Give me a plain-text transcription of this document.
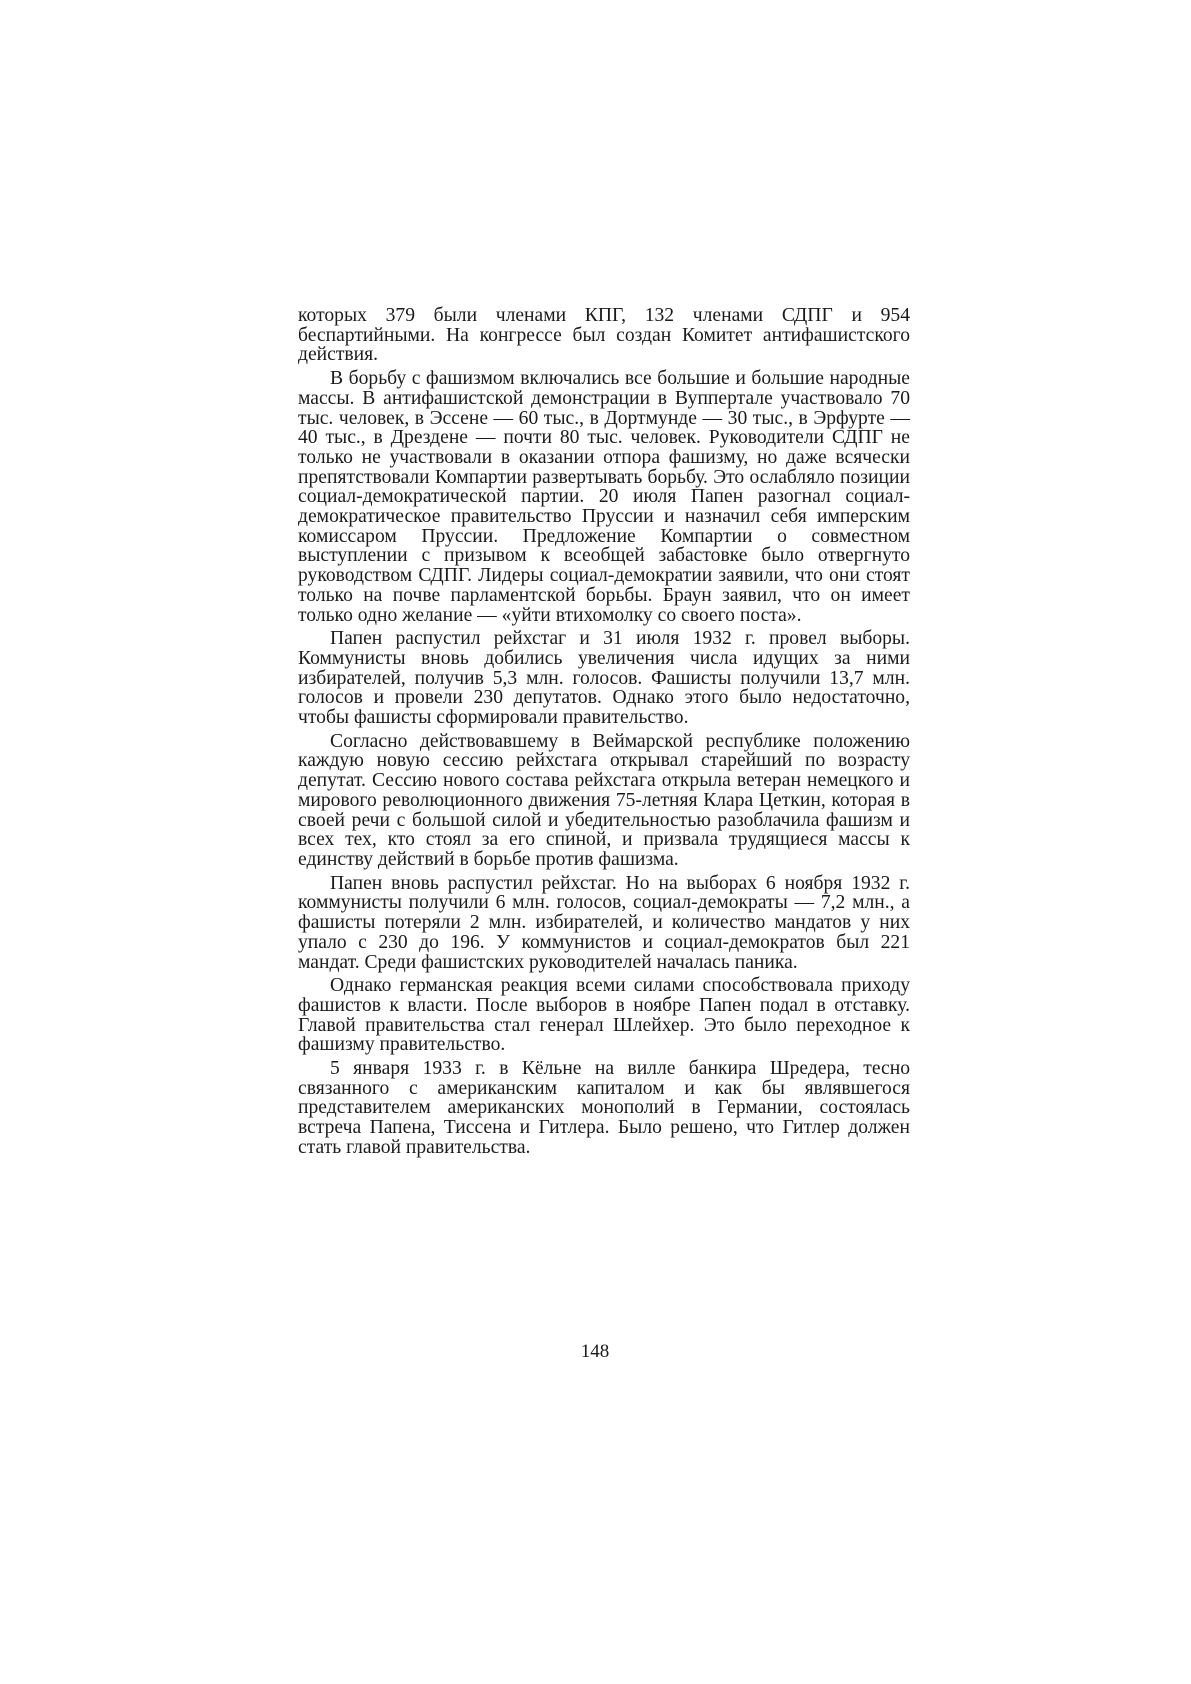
которых 379 были членами КПГ, 132 членами СДПГ и 954 беспартийными. На конгрессе был создан Комитет антифашистского действия.

В борьбу с фашизмом включались все большие и большие народные массы. В антифашистской демонстрации в Вуппертале участвовало 70 тыс. человек, в Эссене — 60 тыс., в Дортмунде — 30 тыс., в Эрфурте — 40 тыс., в Дрездене — почти 80 тыс. человек. Руководители СДПГ не только не участвовали в оказании отпора фашизму, но даже всячески препятствовали Компартии развертывать борьбу. Это ослабляло позиции социал-демократической партии. 20 июля Папен разогнал социал-демократическое правительство Пруссии и назначил себя имперским комиссаром Пруссии. Предложение Компартии о совместном выступлении с призывом к всеобщей забастовке было отвергнуто руководством СДПГ. Лидеры социал-демократии заявили, что они стоят только на почве парламентской борьбы. Браун заявил, что он имеет только одно желание — «уйти втихомолку со своего поста».

Папен распустил рейхстаг и 31 июля 1932 г. провел выборы. Коммунисты вновь добились увеличения числа идущих за ними избирателей, получив 5,3 млн. голосов. Фашисты получили 13,7 млн. голосов и провели 230 депутатов. Однако этого было недостаточно, чтобы фашисты сформировали правительство.

Согласно действовавшему в Веймарской республике положению каждую новую сессию рейхстага открывал старейший по возрасту депутат. Сессию нового состава рейхстага открыла ветеран немецкого и мирового революционного движения 75-летняя Клара Цеткин, которая в своей речи с большой силой и убедительностью разоблачила фашизм и всех тех, кто стоял за его спиной, и призвала трудящиеся массы к единству действий в борьбе против фашизма.

Папен вновь распустил рейхстаг. Но на выборах 6 ноября 1932 г. коммунисты получили 6 млн. голосов, социал-демократы — 7,2 млн., а фашисты потеряли 2 млн. избирателей, и количество мандатов у них упало с 230 до 196. У коммунистов и социал-демократов был 221 мандат. Среди фашистских руководителей началась паника.

Однако германская реакция всеми силами способствовала приходу фашистов к власти. После выборов в ноябре Папен подал в отставку. Главой правительства стал генерал Шлейхер. Это было переходное к фашизму правительство.

5 января 1933 г. в Кёльне на вилле банкира Шредера, тесно связанного с американским капиталом и как бы являвшегося представителем американских монополий в Германии, состоялась встреча Папена, Тиссена и Гитлера. Было решено, что Гитлер должен стать главой правительства.

148
